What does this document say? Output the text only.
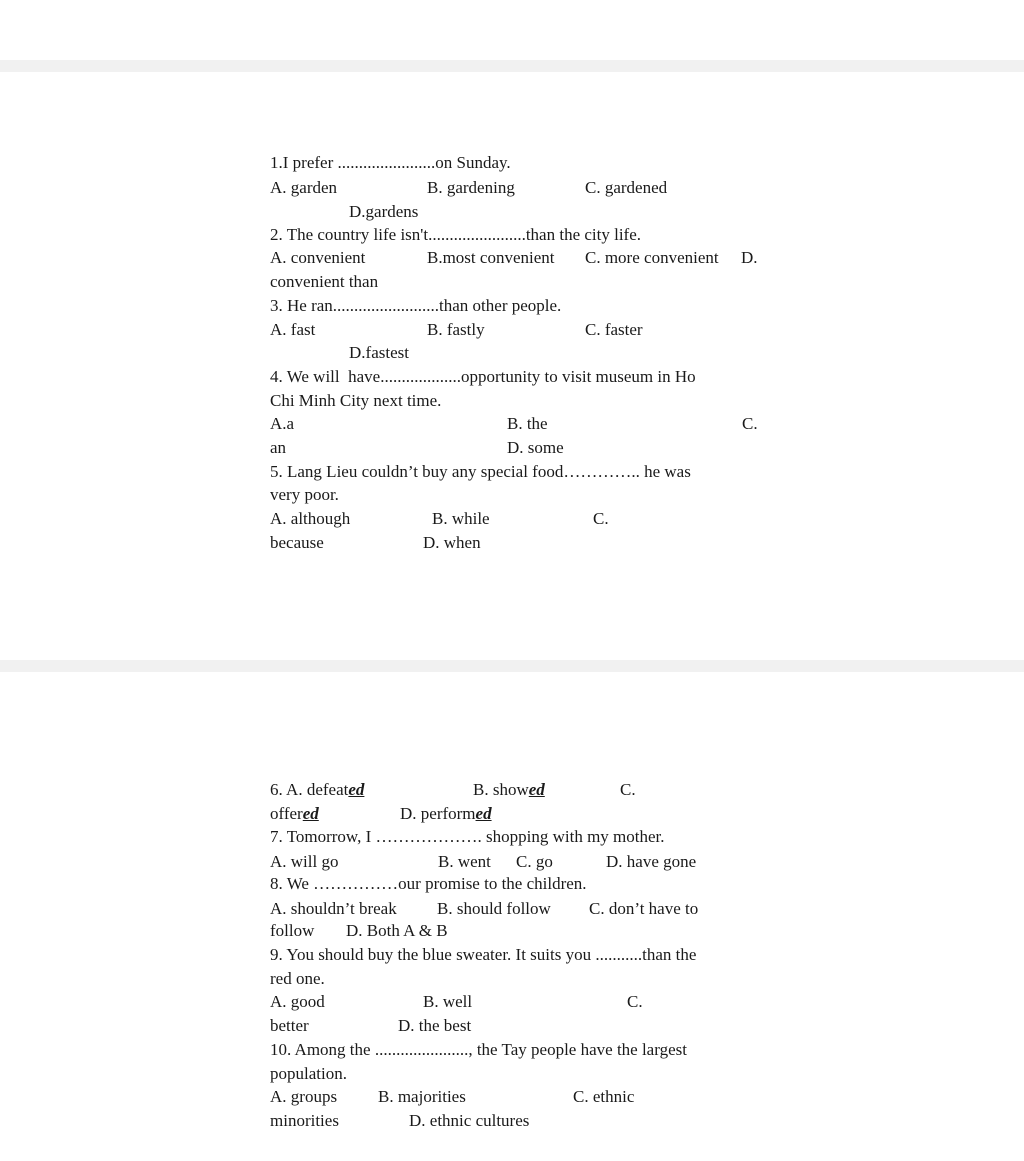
1.I prefer .......................on Sunday.
A. garden	B. gardening	C. gardened
D.gardens
2. The country life isn't.......................than the city life.
A. convenient	B.most convenient C. more convenient D.
convenient than
3. He ran.........................than other people.
A. fast	B. fastly	C. faster
D.fastest
4. We will  have...................opportunity to visit museum in Ho
Chi Minh City next time.
A.a	B. the	C.
an	D. some
5. Lang Lieu couldn’t buy any special food………….. he was
very poor.
A. although	B. while	C.
because	D. when
6. A. defeated	B. showed	C.
offered	D. performed
7. Tomorrow, I ………………. shopping with my mother.
A. will go	B. went C. go	D. have gone
8. We ……………our promise to the children.
A. shouldn’t break B. should follow C. don’t have to
follow D. Both A & B
9. You should buy the blue sweater. It suits you ...........than the
red one.
A. good	B. well	C.
better	D. the best
10. Among the ......................, the Tay people have the largest
population.
A. groups B. majorities	C. ethnic
minorities	D. ethnic cultures
